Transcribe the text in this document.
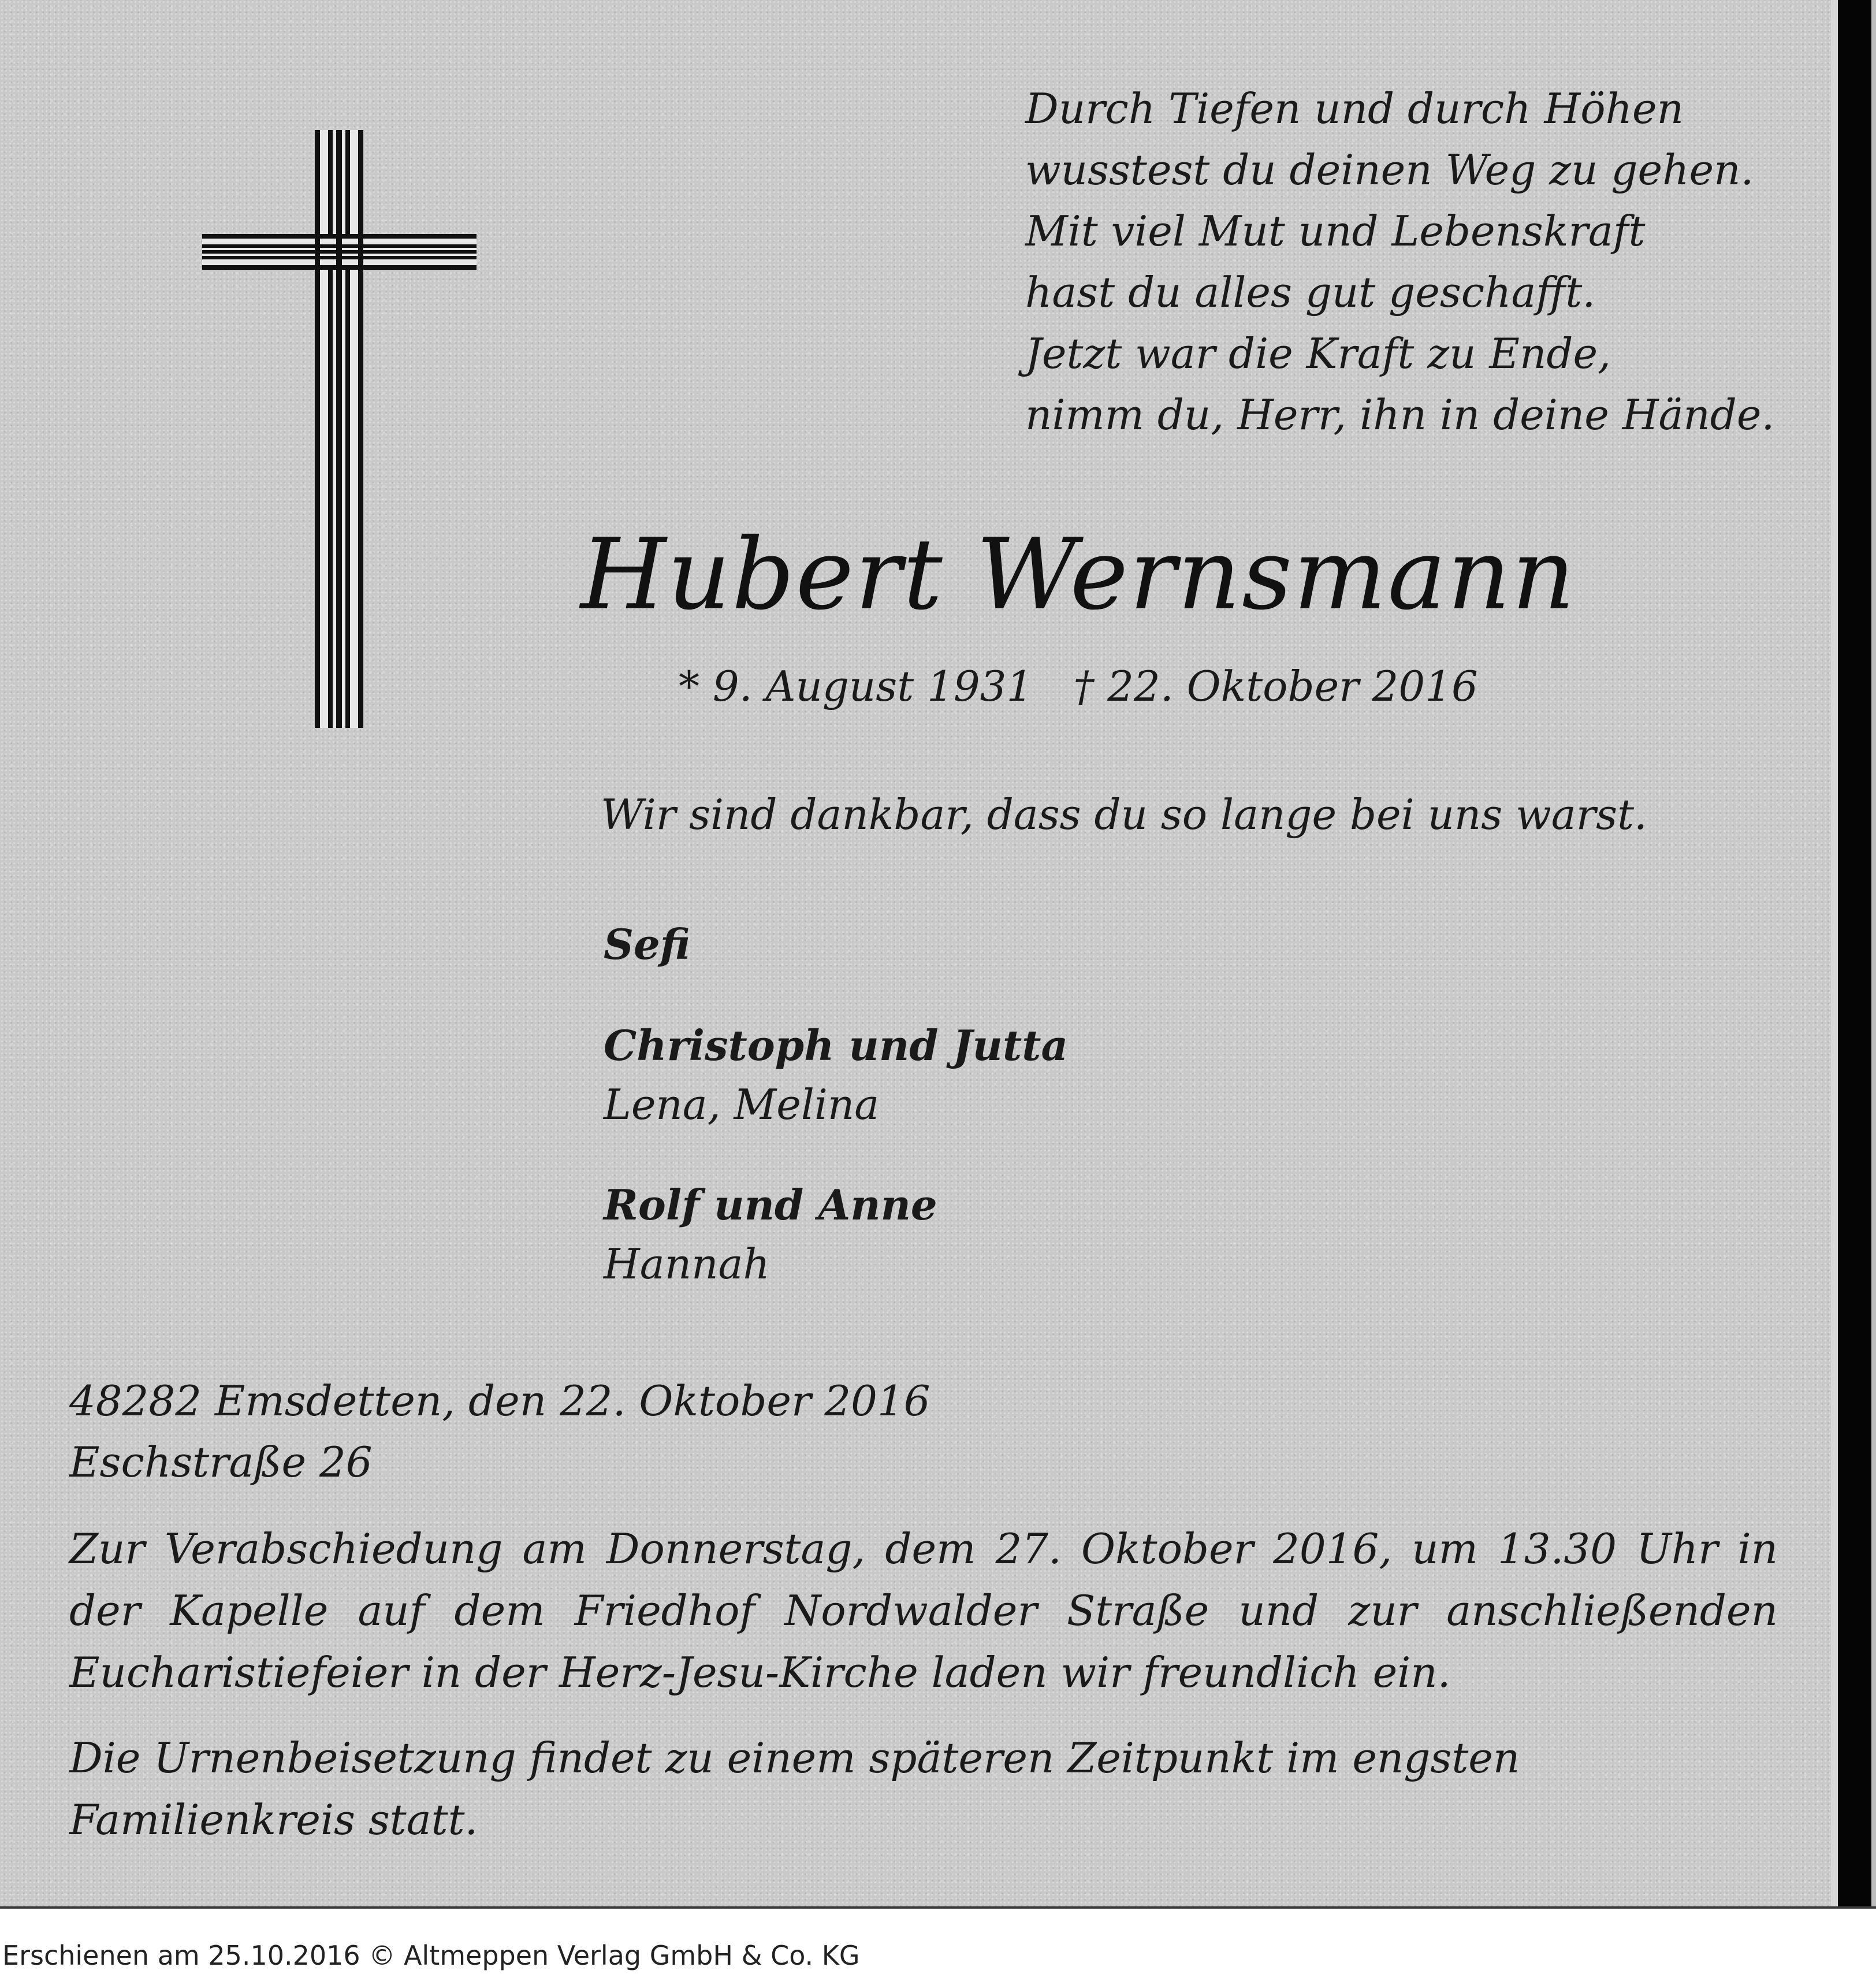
Durch Tiefen und durch Höhen
wusstest du deinen Weg zu gehen.
Mit viel Mut und Lebenskraft
hast du alles gut geschafft.
Jetzt war die Kraft zu Ende,
nimm du, Herr, ihn in deine Hände.
Hubert Wernsmann
* 9. August 1931 † 22. Oktober 2016
Wir sind dankbar, dass du so lange bei uns warst.
Sefi
Christoph und Jutta
Lena, Melina
Rolf und Anne
Hannah
48282 Emsdetten, den 22. Oktober 2016
Eschstraße 26
Zur Verabschiedung am Donnerstag, dem 27. Oktober 2016, um 13.30 Uhr in der Kapelle auf dem Friedhof Nordwalder Straße und zur anschließenden Eucharistiefeier in der Herz-Jesu-Kirche laden wir freundlich ein.
Die Urnenbeisetzung findet zu einem späteren Zeitpunkt im engsten Familienkreis statt.
Erschienen am 25.10.2016 © Altmeppen Verlag GmbH & Co. KG
